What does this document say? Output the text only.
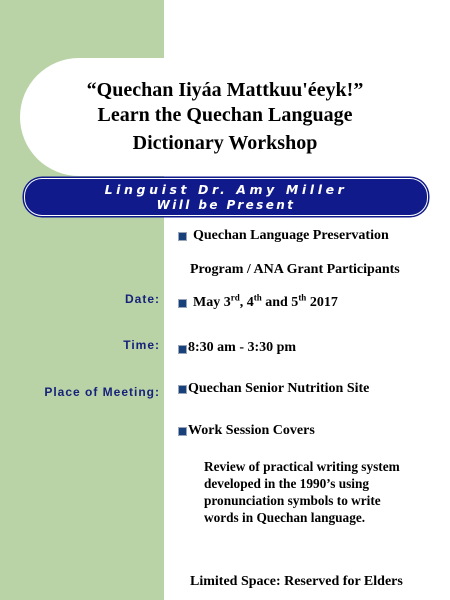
“Quechan Iiyáa Mattkuu'éeyk!”
Learn the Quechan Language
Dictionary Workshop
Linguist Dr. Amy Miller
Will be Present
Quechan Language Preservation
Program / ANA Grant Participants
Date: May 3rd, 4th and 5th 2017
Time: 8:30 am - 3:30 pm
Place of Meeting: Quechan Senior Nutrition Site
Work Session Covers
Review of practical writing system
developed in the 1990’s using
pronunciation symbols to write
words in Quechan language.
Limited Space: Reserved for Elders
